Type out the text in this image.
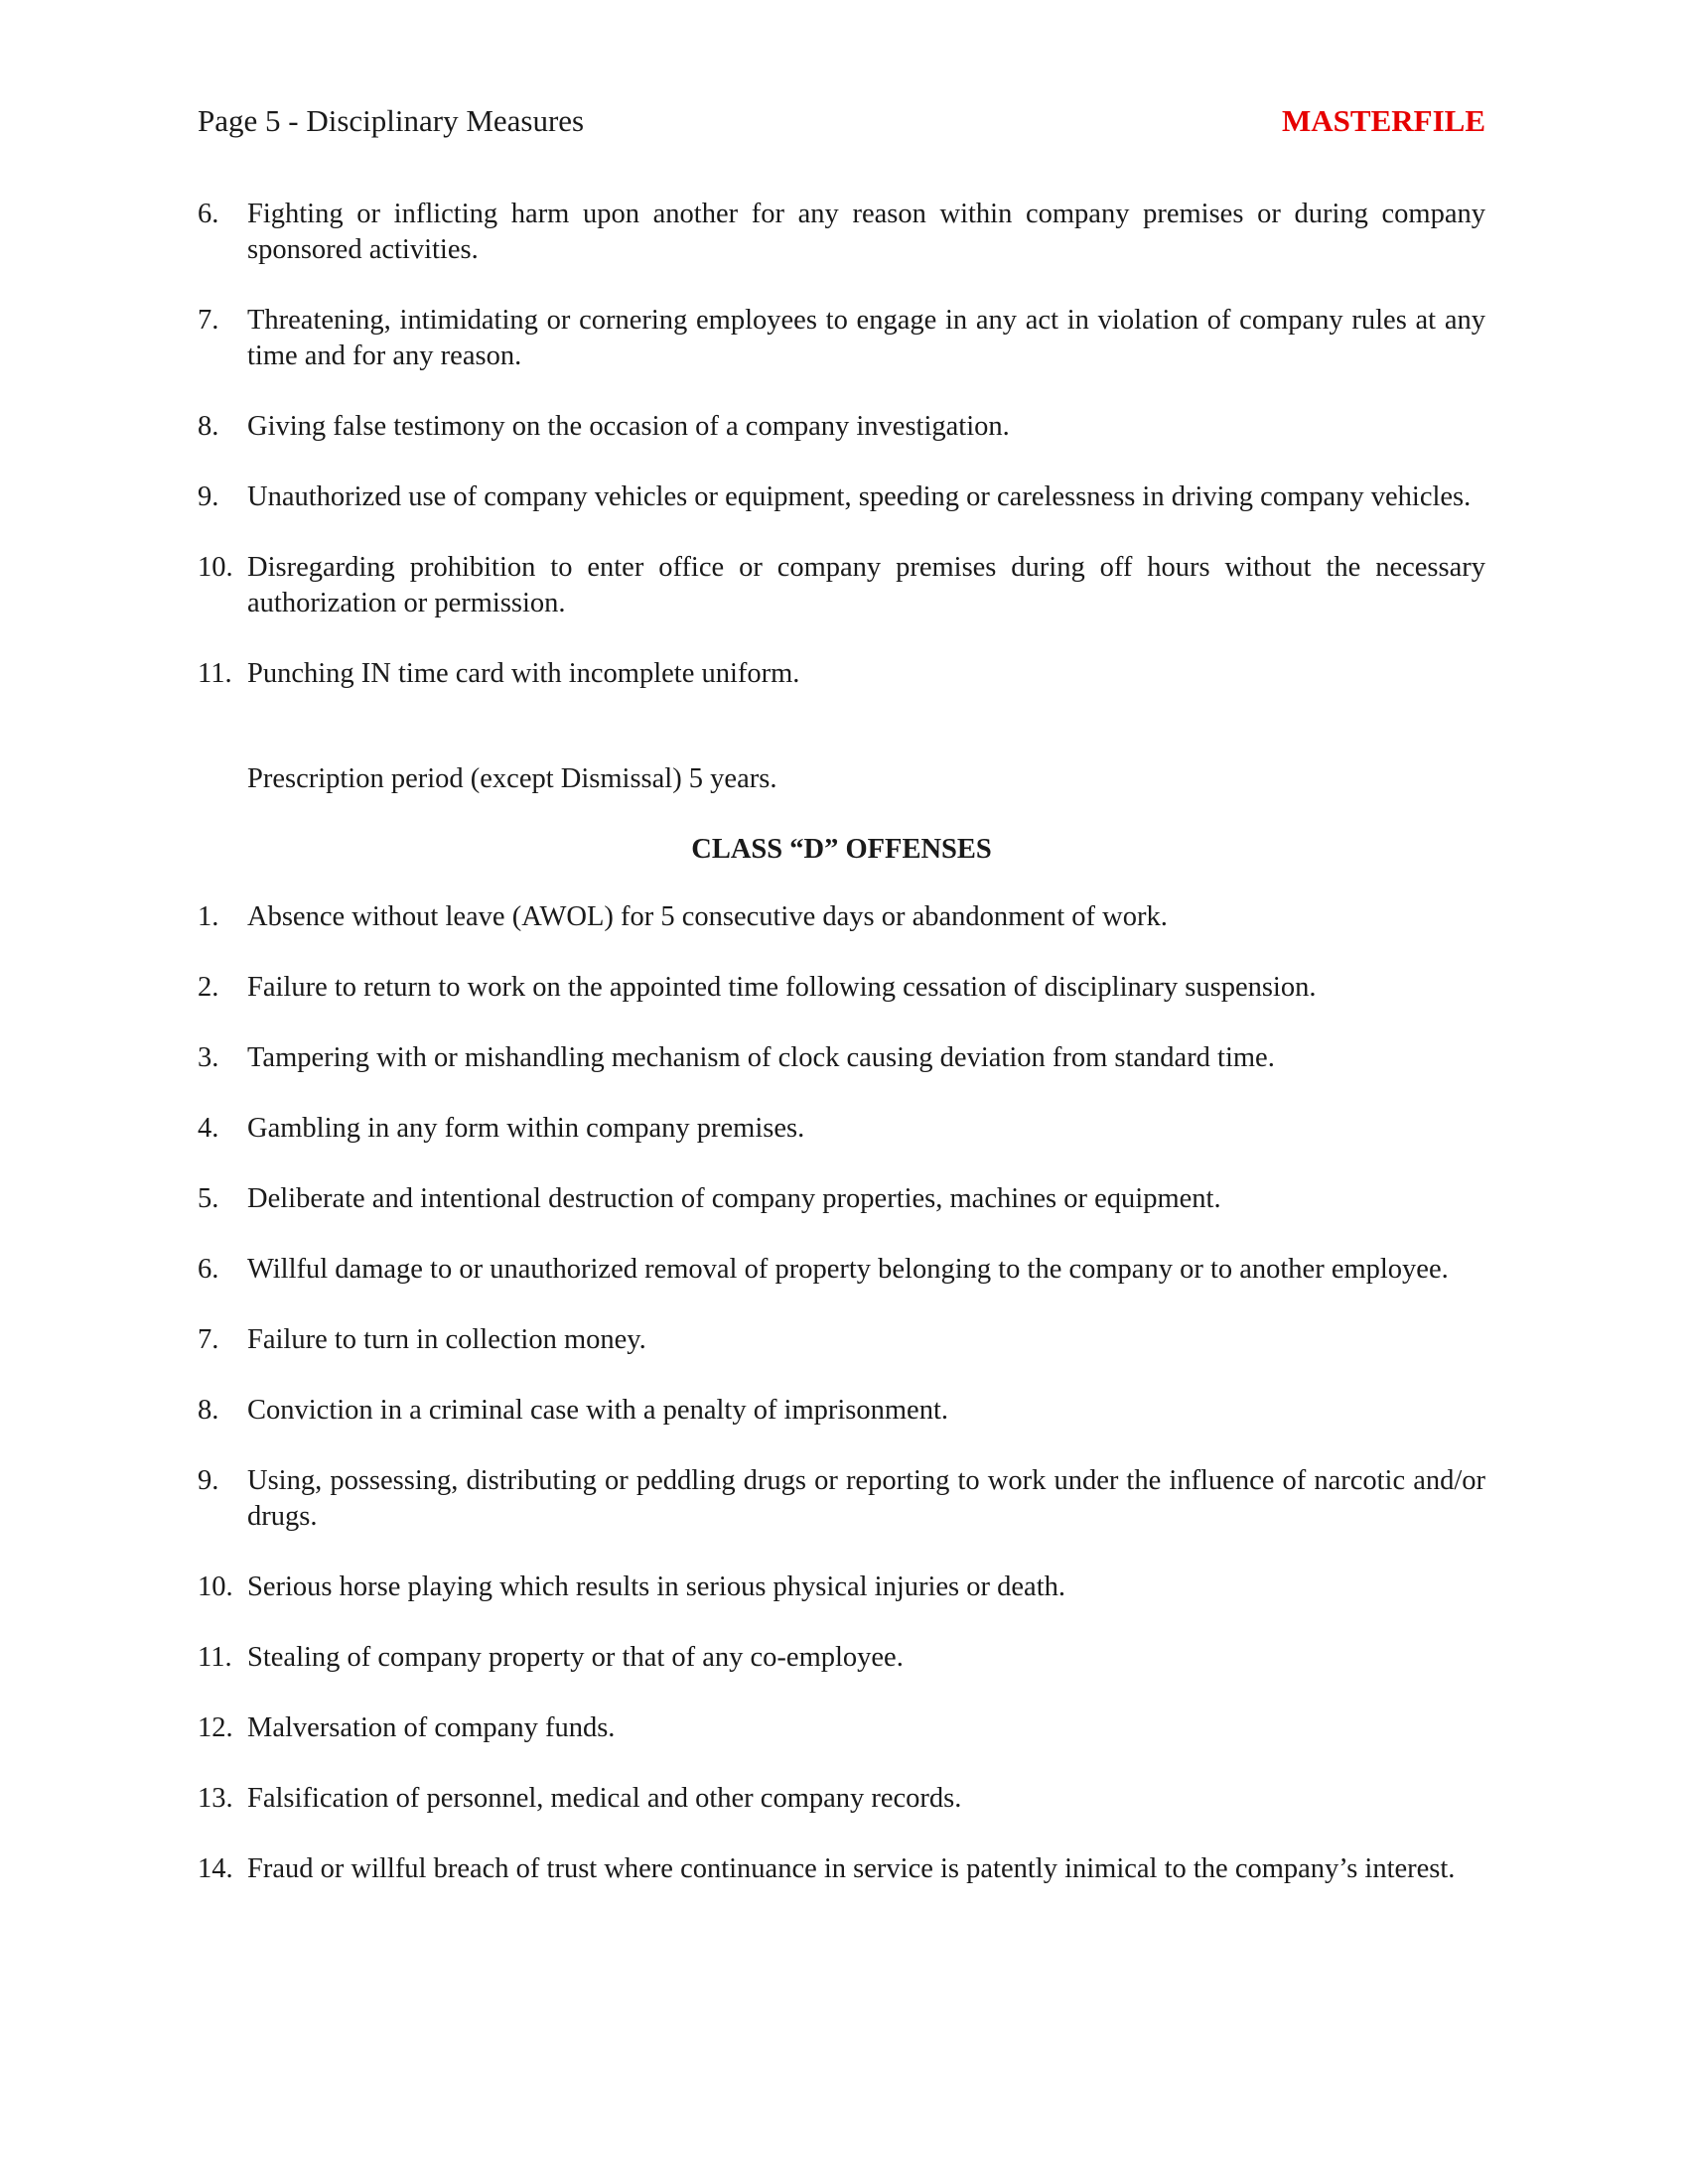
Page 5 - Disciplinary Measures	MASTERFILE
6. Fighting or inflicting harm upon another for any reason within company premises or during company sponsored activities.
7. Threatening, intimidating or cornering employees to engage in any act in violation of company rules at any time and for any reason.
8. Giving false testimony on the occasion of a company investigation.
9. Unauthorized use of company vehicles or equipment, speeding or carelessness in driving company vehicles.
10. Disregarding prohibition to enter office or company premises during off hours without the necessary authorization or permission.
11. Punching IN time card with incomplete uniform.
Prescription period (except Dismissal) 5 years.
CLASS “D” OFFENSES
1. Absence without leave (AWOL) for 5 consecutive days or abandonment of work.
2. Failure to return to work on the appointed time following cessation of disciplinary suspension.
3. Tampering with or mishandling mechanism of clock causing deviation from standard time.
4. Gambling in any form within company premises.
5. Deliberate and intentional destruction of company properties, machines or equipment.
6. Willful damage to or unauthorized removal of property belonging to the company or to another employee.
7. Failure to turn in collection money.
8. Conviction in a criminal case with a penalty of imprisonment.
9. Using, possessing, distributing or peddling drugs or reporting to work under the influence of narcotic and/or drugs.
10. Serious horse playing which results in serious physical injuries or death.
11. Stealing of company property or that of any co-employee.
12. Malversation of company funds.
13. Falsification of personnel, medical and other company records.
14. Fraud or willful breach of trust where continuance in service is patently inimical to the company’s interest.
